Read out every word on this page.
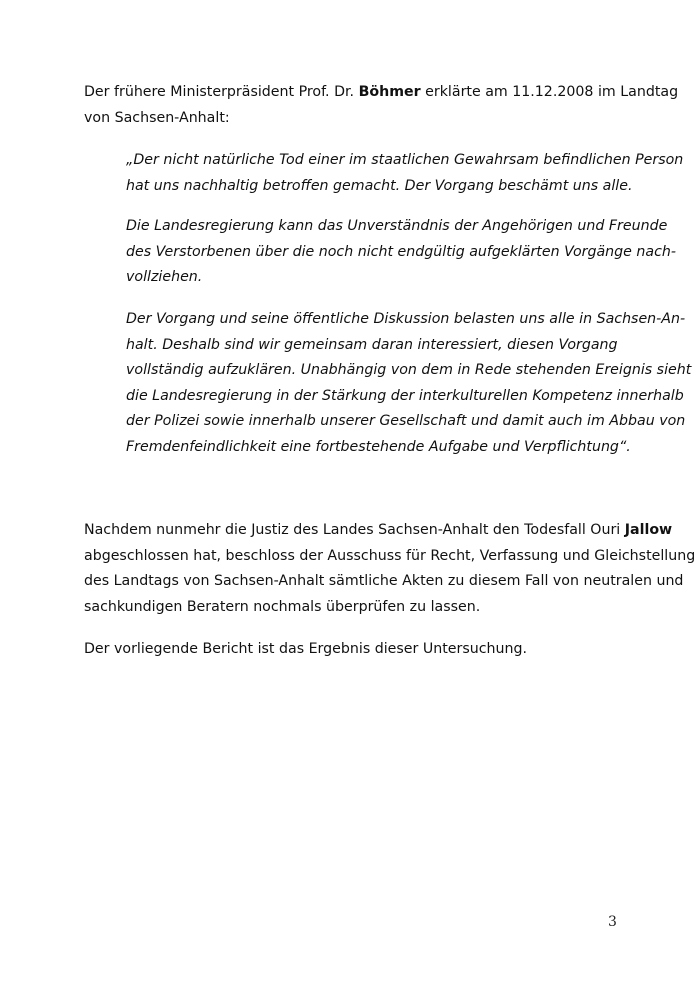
Der frühere Ministerpräsident Prof. Dr. Böhmer erklärte am 11.12.2008 im Landtag
von Sachsen-Anhalt:
„Der nicht natürliche Tod einer im staatlichen Gewahrsam befindlichen Person
hat uns nachhaltig betroffen gemacht. Der Vorgang beschämt uns alle.
Die Landesregierung kann das Unverständnis der Angehörigen und Freunde
des Verstorbenen über die noch nicht endgültig aufgeklärten Vorgänge nach-
vollziehen.
Der Vorgang und seine öffentliche Diskussion belasten uns alle in Sachsen-An-
halt. Deshalb sind wir gemeinsam daran interessiert, diesen Vorgang
vollständig aufzuklären. Unabhängig von dem in Rede stehenden Ereignis sieht
die Landesregierung in der Stärkung der interkulturellen Kompetenz innerhalb
der Polizei sowie innerhalb unserer Gesellschaft und damit auch im Abbau von
Fremdenfeindlichkeit eine fortbestehende Aufgabe und Verpflichtung“.
Nachdem nunmehr die Justiz des Landes Sachsen-Anhalt den Todesfall Ouri Jallow
abgeschlossen hat, beschloss der Ausschuss für Recht, Verfassung und Gleichstellung
des Landtags von Sachsen-Anhalt sämtliche Akten zu diesem Fall von neutralen und
sachkundigen Beratern nochmals überprüfen zu lassen.
Der vorliegende Bericht ist das Ergebnis dieser Untersuchung.
3
